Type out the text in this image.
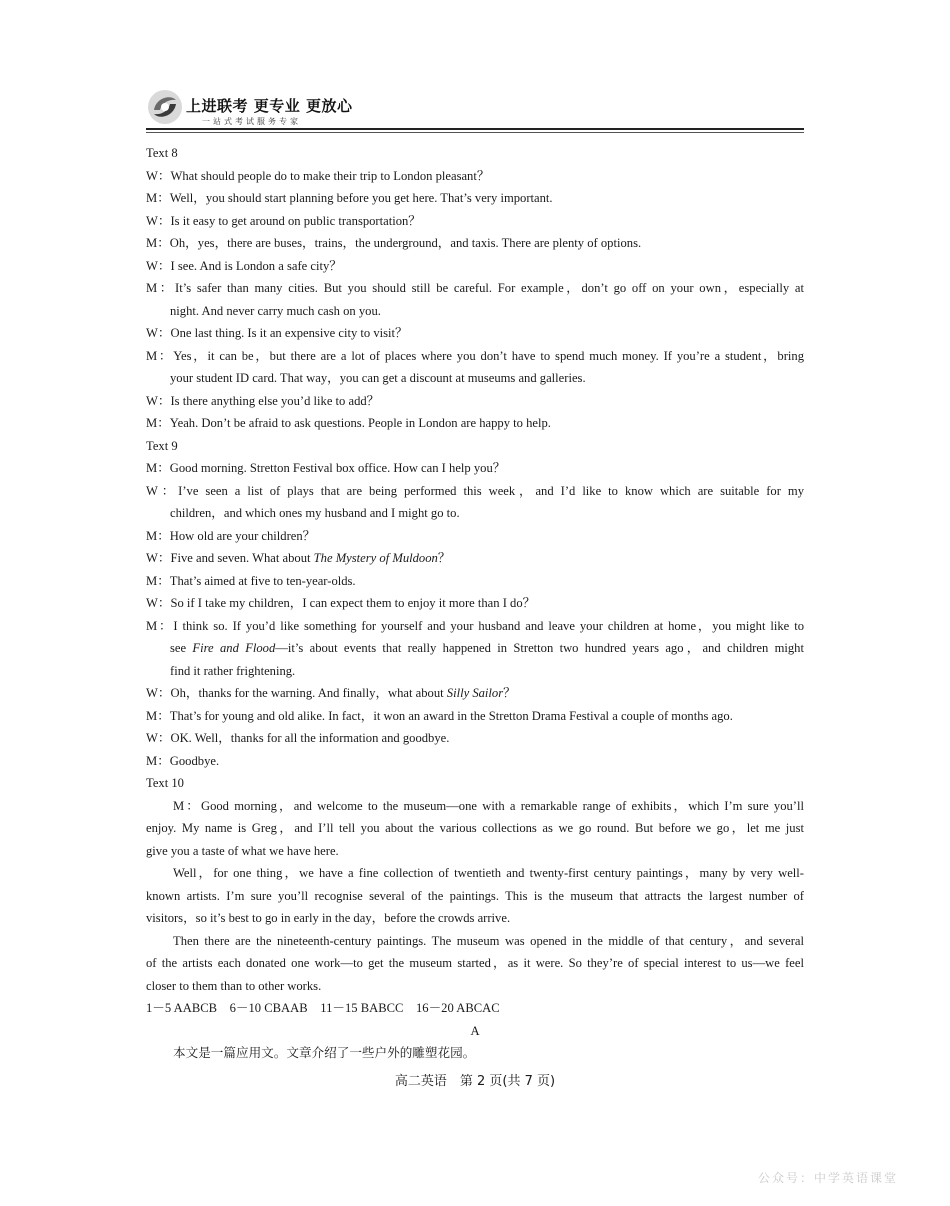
上进联考 更专业 更放心
一站式考试服务专家
Text 8
W：What should people do to make their trip to London pleasant？
M：Well，you should start planning before you get here. That’s very important.
W：Is it easy to get around on public transportation？
M：Oh，yes，there are buses，trains，the underground，and taxis. There are plenty of options.
W：I see. And is London a safe city？
M：It’s safer than many cities. But you should still be careful. For example，don’t go off on your own，especially at
night. And never carry much cash on you.
W：One last thing. Is it an expensive city to visit？
M：Yes，it can be，but there are a lot of places where you don’t have to spend much money. If you’re a student，bring
your student ID card. That way，you can get a discount at museums and galleries.
W：Is there anything else you’d like to add？
M：Yeah. Don’t be afraid to ask questions. People in London are happy to help.
Text 9
M：Good morning. Stretton Festival box office. How can I help you？
W：I’ve seen a list of plays that are being performed this week，and I’d like to know which are suitable for my
children，and which ones my husband and I might go to.
M：How old are your children？
W：Five and seven. What about The Mystery of Muldoon？
M：That’s aimed at five to ten-year-olds.
W：So if I take my children，I can expect them to enjoy it more than I do？
M：I think so. If you’d like something for yourself and your husband and leave your children at home，you might like to
see Fire and Flood—it’s about events that really happened in Stretton two hundred years ago，and children might
find it rather frightening.
W：Oh，thanks for the warning. And finally，what about Silly Sailor？
M：That’s for young and old alike. In fact，it won an award in the Stretton Drama Festival a couple of months ago.
W：OK. Well，thanks for all the information and goodbye.
M：Goodbye.
Text 10
M：Good morning，and welcome to the museum—one with a remarkable range of exhibits，which I’m sure you’ll
enjoy. My name is Greg，and I’ll tell you about the various collections as we go round. But before we go，let me just
give you a taste of what we have here.
Well，for one thing，we have a fine collection of twentieth and twenty-first century paintings，many by very well-
known artists. I’m sure you’ll recognise several of the paintings. This is the museum that attracts the largest number of
visitors，so it’s best to go in early in the day，before the crowds arrive.
Then there are the nineteenth-century paintings. The museum was opened in the middle of that century，and several
of the artists each donated one work—to get the museum started，as it were. So they’re of special interest to us—we feel
closer to them than to other works.
1－5 AABCB　6－10 CBAAB　11－15 BABCC　16－20 ABCAC
A
本文是一篇应用文。文章介绍了一些户外的雕塑花园。
高二英语　第 2 页(共 7 页)
公众号：中学英语课堂
